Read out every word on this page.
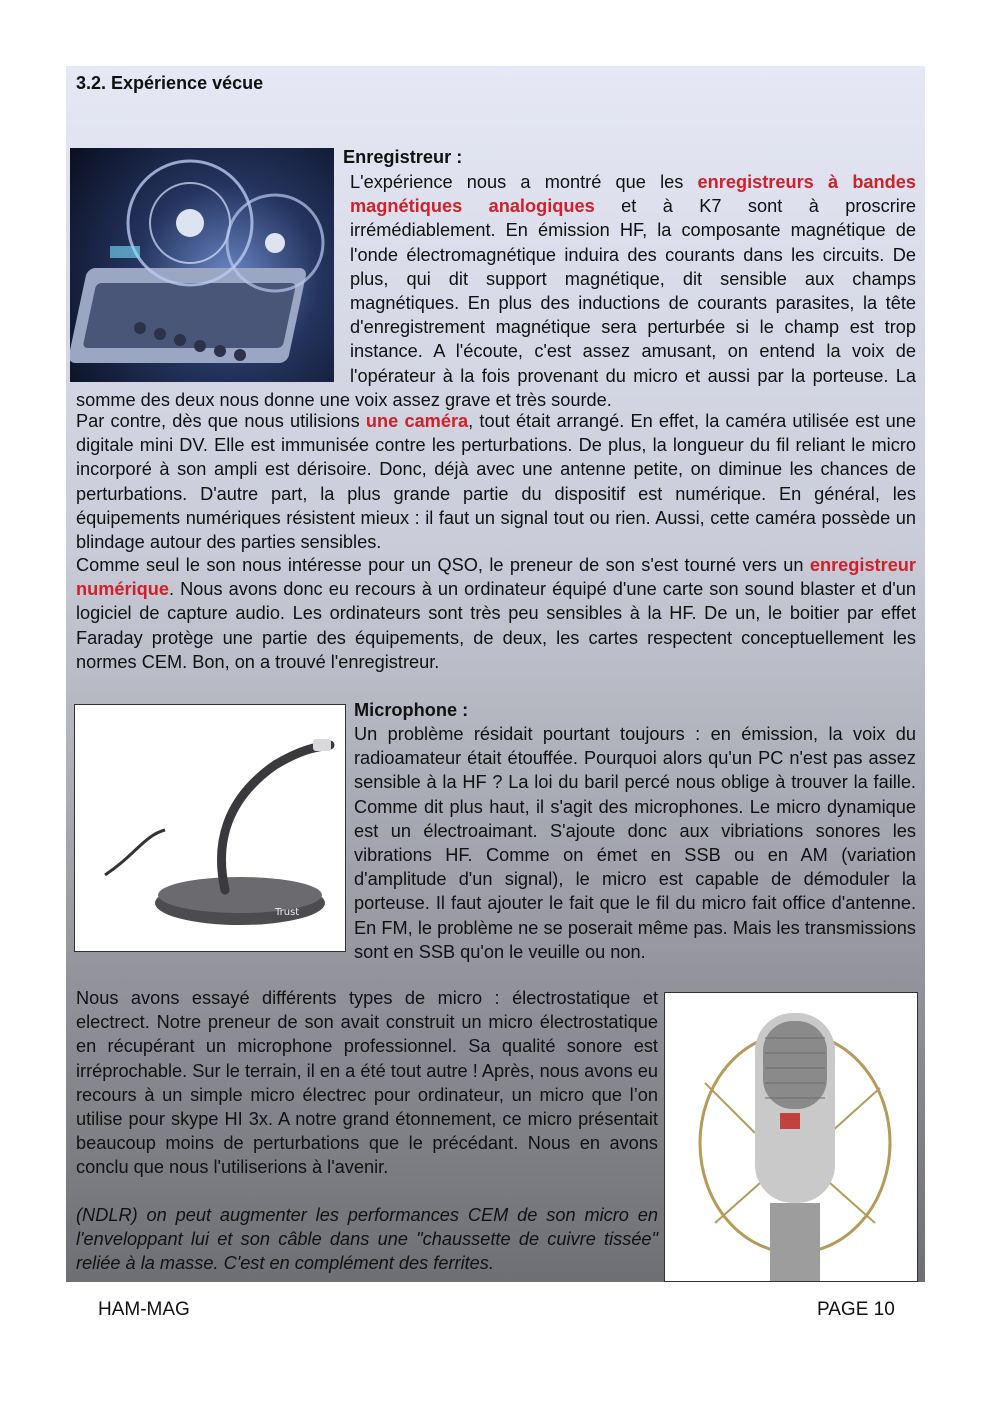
3.2. Expérience vécue

Enregistreur :

L'expérience nous a montré que les enregistreurs à bandes magnétiques analogiques et à K7 sont à proscrire irrémédiablement. En émission HF, la composante magnétique de l'onde électromagnétique induira des courants dans les circuits. De plus, qui dit support magnétique, dit sensible aux champs magnétiques. En plus des inductions de courants parasites, la tête d'enregistrement magnétique sera perturbée si le champ est trop instance. A l'écoute, c'est assez amusant, on entend la voix de l'opérateur à la fois provenant du micro et aussi par la porteuse. La somme des deux nous donne une voix assez grave et très sourde.

Par contre, dès que nous utilisions une caméra, tout était arrangé. En effet, la caméra utilisée est une digitale mini DV. Elle est immunisée contre les perturbations. De plus, la longueur du fil reliant le micro incorporé à son ampli est dérisoire. Donc, déjà avec une antenne petite, on diminue les chances de perturbations. D'autre part, la plus grande partie du dispositif est numérique. En général, les équipements numériques résistent mieux : il faut un signal tout ou rien. Aussi, cette caméra possède un blindage autour des parties sensibles.

Comme seul le son nous intéresse pour un QSO, le preneur de son s'est tourné vers un enregistreur numérique. Nous avons donc eu recours à un ordinateur équipé d'une carte son sound blaster et d'un logiciel de capture audio. Les ordinateurs sont très peu sensibles à la HF. De un, le boitier par effet Faraday protège une partie des équipements, de deux, les cartes respectent conceptuellement les normes CEM. Bon, on a trouvé l'enregistreur.

Trust

Microphone :

Un problème résidait pourtant toujours : en émission, la voix du radioamateur était étouffée. Pourquoi alors qu'un PC n'est pas assez sensible à la HF ? La loi du baril percé nous oblige à trouver la faille. Comme dit plus haut, il s'agit des microphones. Le micro dynamique est un électroaimant. S'ajoute donc aux vibriations sonores les vibrations HF. Comme on émet en SSB ou en AM (variation d'amplitude d'un signal), le micro est capable de démoduler la porteuse. Il faut ajouter le fait que le fil du micro fait office d'antenne. En FM, le problème ne se poserait même pas. Mais les transmissions sont en SSB qu'on le veuille ou non.

Nous avons essayé différents types de micro : électrostatique et electrect. Notre preneur de son avait construit un micro électrostatique en récupérant un microphone professionnel. Sa qualité sonore est irréprochable. Sur le terrain, il en a été tout autre ! Après, nous avons eu recours à un simple micro électrec pour ordinateur, un micro que l’on utilise pour skype HI 3x. A notre grand étonnement, ce micro présentait beaucoup moins de perturbations que le précédant. Nous en avons conclu que nous l'utiliserions à l'avenir.

(NDLR) on peut augmenter les performances CEM de son micro en l'enveloppant lui et son câble dans une "chaussette de cuivre tissée" reliée à la masse. C'est en complément des ferrites.

HAM-MAG	PAGE 10
